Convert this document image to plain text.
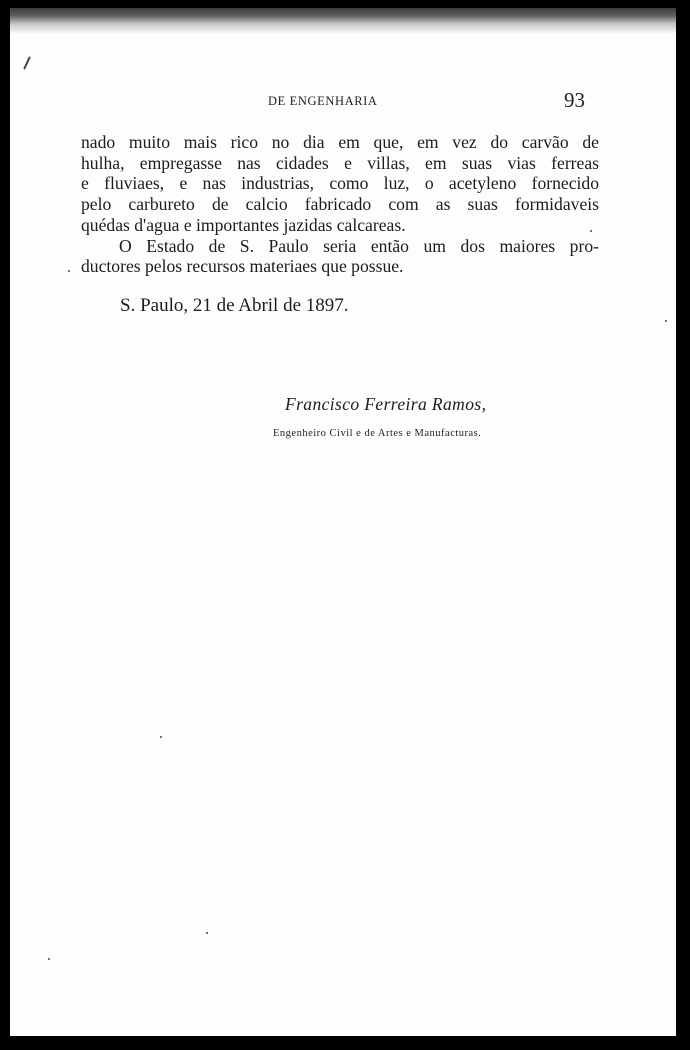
DE ENGENHARIA	93
nado muito mais rico no dia em que, em vez do carvão de
hulha, empregasse nas cidades e villas, em suas vias ferreas
e fluviaes, e nas industrias, como luz, o acetyleno fornecido
pelo carbureto de calcio fabricado com as suas formidaveis
quédas d'agua e importantes jazidas calcareas.
O Estado de S. Paulo seria então um dos maiores pro-
ductores pelos recursos materiaes que possue.
S. Paulo, 21 de Abril de 1897.
Francisco Ferreira Ramos,
Engenheiro Civil e de Artes e Manufacturas.
